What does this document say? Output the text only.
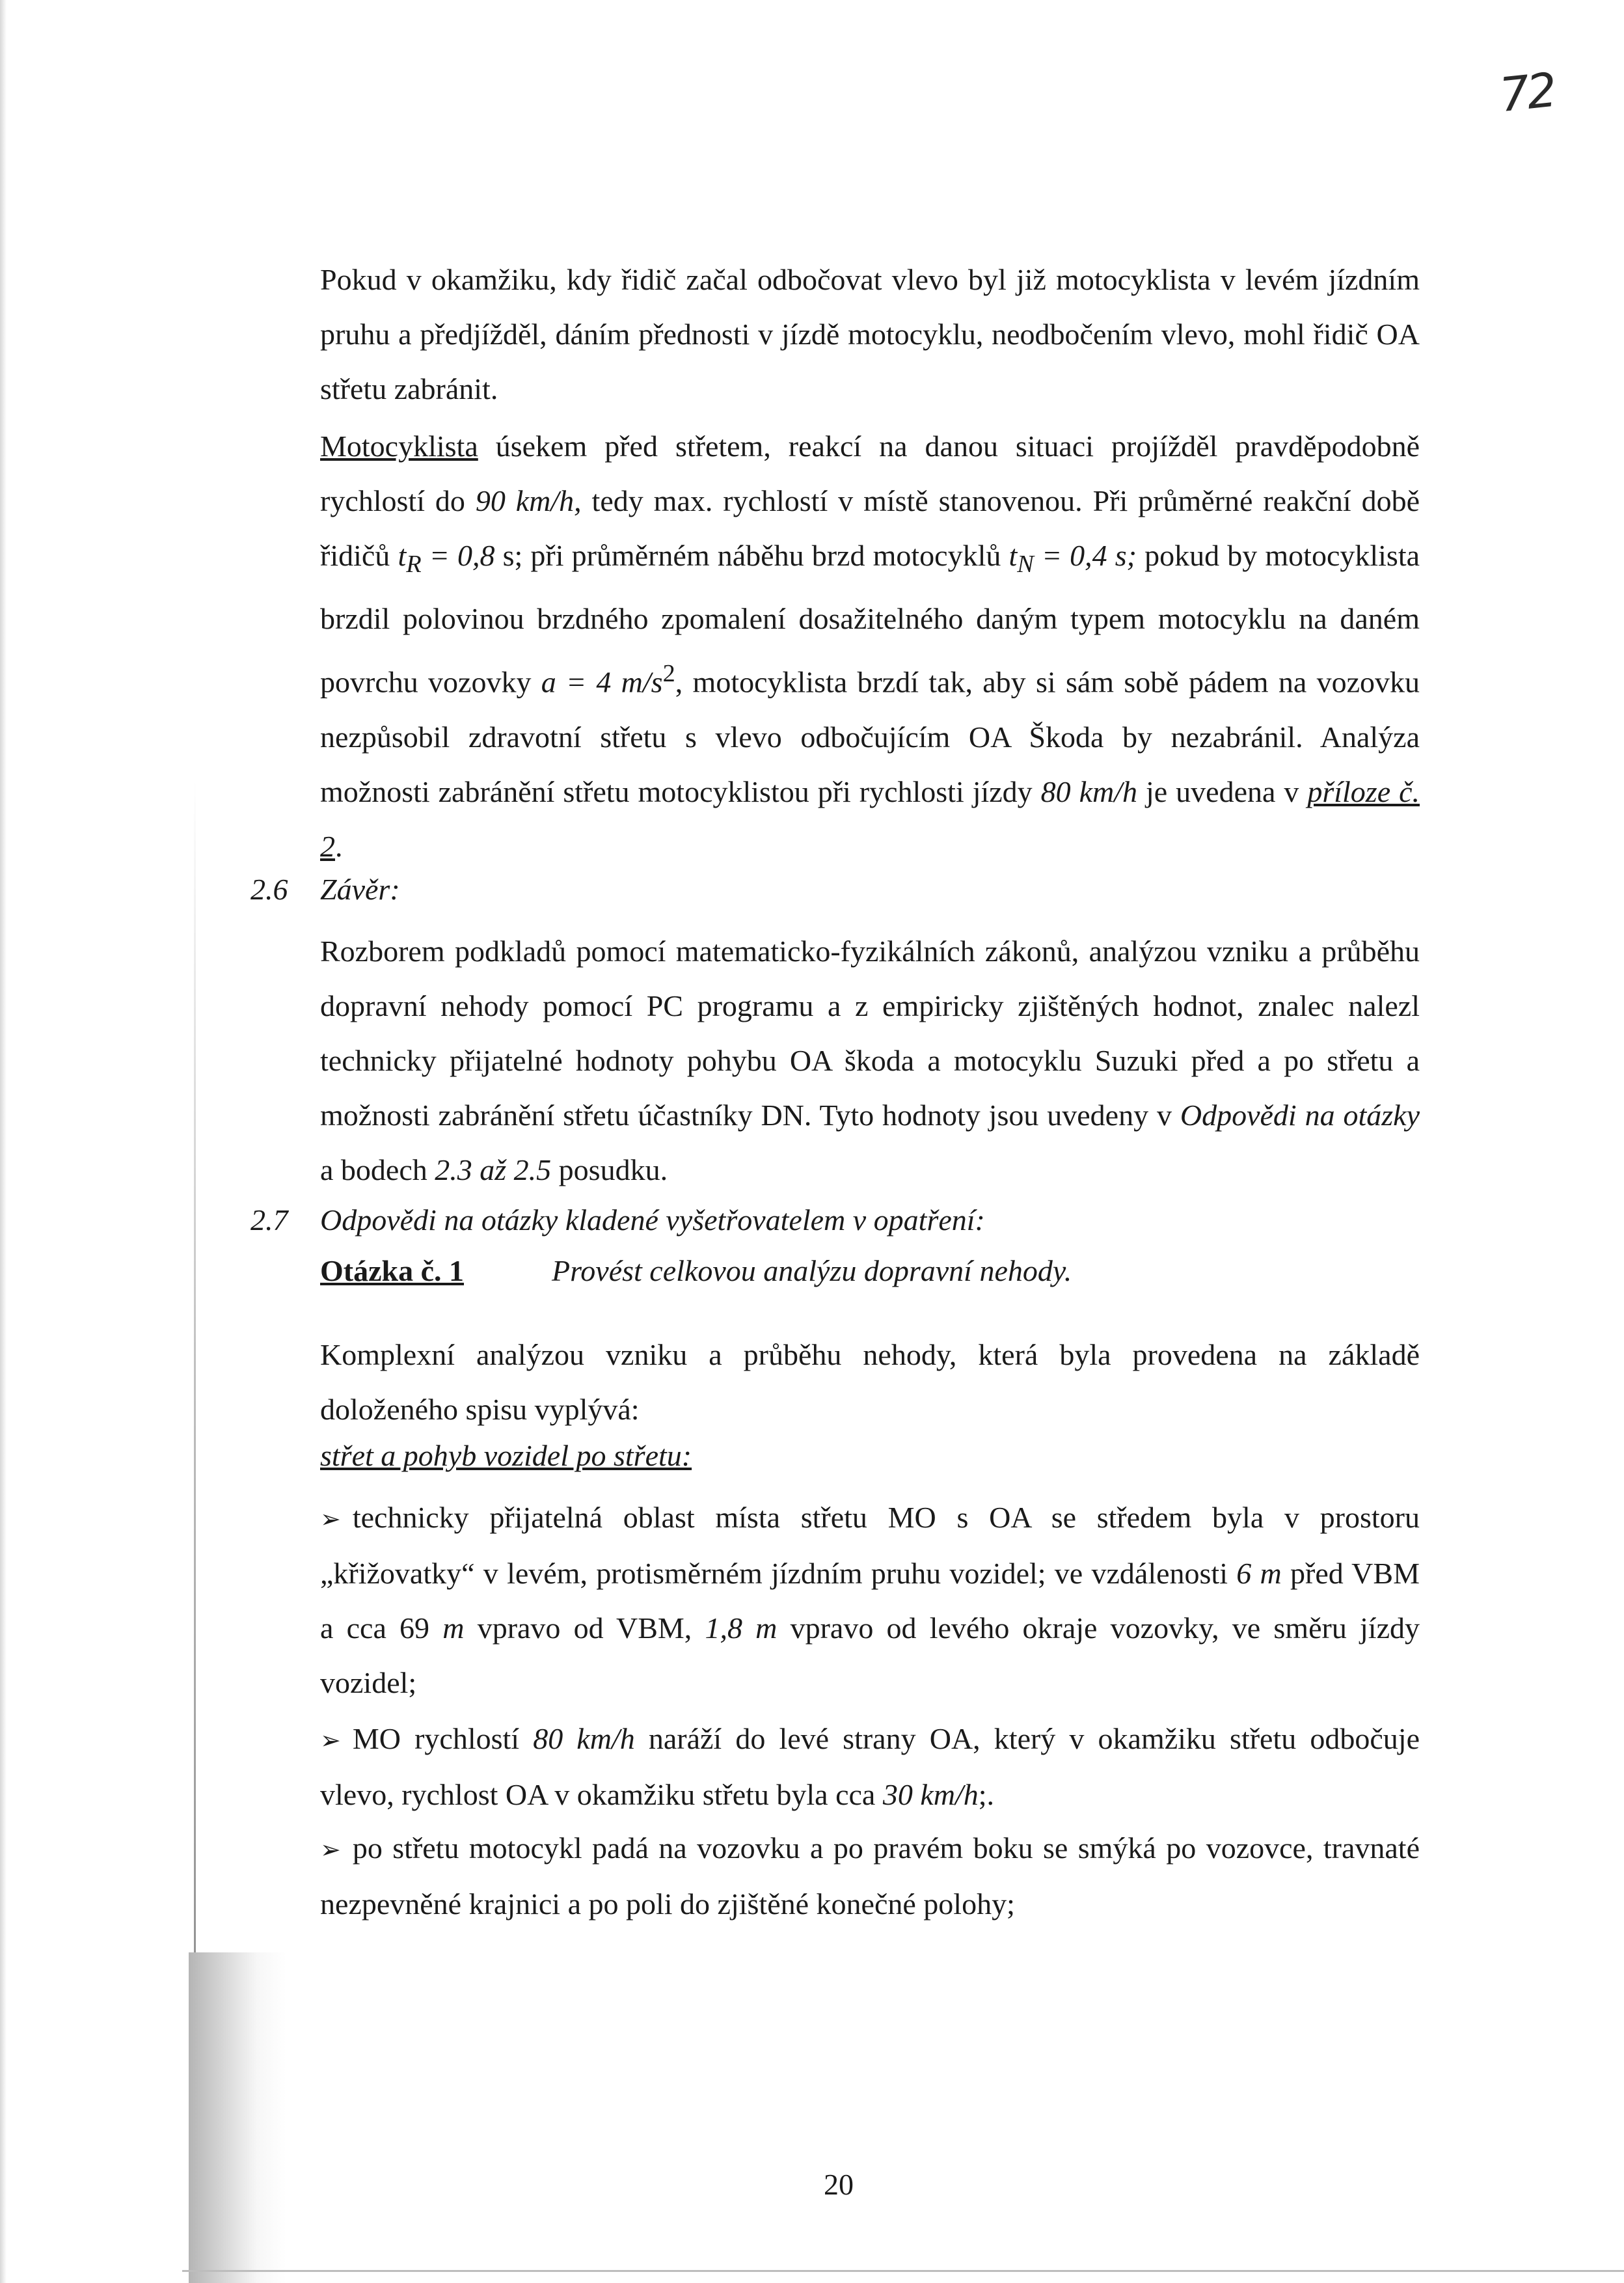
72
Pokud v okamžiku, kdy řidič začal odbočovat vlevo byl již motocyklista v levém jízdním pruhu a předjížděl, dáním přednosti v jízdě motocyklu, neodbočením vlevo, mohl řidič OA střetu zabránit.
Motocyklista úsekem před střetem, reakcí na danou situaci projížděl pravděpodobně rychlostí do 90 km/h, tedy max. rychlostí v místě stanovenou. Při průměrné reakční době řidičů $t_R = 0,8$ s; při průměrném náběhu brzd motocyklů $t_N = 0,4$ s; pokud by motocyklista brzdil polovinou brzdného zpomalení dosažitelného daným typem motocyklu na daném povrchu vozovky a = 4 $m/s^2$, motocyklista brzdí tak, aby si sám sobě pádem na vozovku nezpůsobil zdravotní střetu s vlevo odbočujícím OA Škoda by nezabránil. Analýza možnosti zabránění střetu motocyklistou při rychlosti jízdy 80 km/h je uvedena v příloze č. 2.
2.6 Závěr:
Rozborem podkladů pomocí matematicko-fyzikálních zákonů, analýzou vzniku a průběhu dopravní nehody pomocí PC programu a z empiricky zjištěných hodnot, znalec nalezl technicky přijatelné hodnoty pohybu OA škoda a motocyklu Suzuki před a po střetu a možnosti zabránění střetu účastníky DN. Tyto hodnoty jsou uvedeny v Odpovědi na otázky a bodech 2.3 až 2.5 posudku.
2.7 Odpovědi na otázky kladené vyšetřovatelem v opatření:
Otázka č. 1	Provést celkovou analýzu dopravní nehody.
Komplexní analýzou vzniku a průběhu nehody, která byla provedena na základě doloženého spisu vyplývá:
střet a pohyb vozidel po střetu:
➢ technicky přijatelná oblast místa střetu MO s OA se středem byla v prostoru „křižovatky“ v levém, protisměrném jízdním pruhu vozidel; ve vzdálenosti 6 m před VBM a cca 69 m vpravo od VBM, 1,8 m vpravo od levého okraje vozovky, ve směru jízdy vozidel;
➢ MO rychlostí 80 km/h naráží do levé strany OA, který v okamžiku střetu odbočuje vlevo, rychlost OA v okamžiku střetu byla cca 30 km/h;.
➢ po střetu motocykl padá na vozovku a po pravém boku se smýká po vozovce, travnaté nezpevněné krajnici a po poli do zjištěné konečné polohy;
20
